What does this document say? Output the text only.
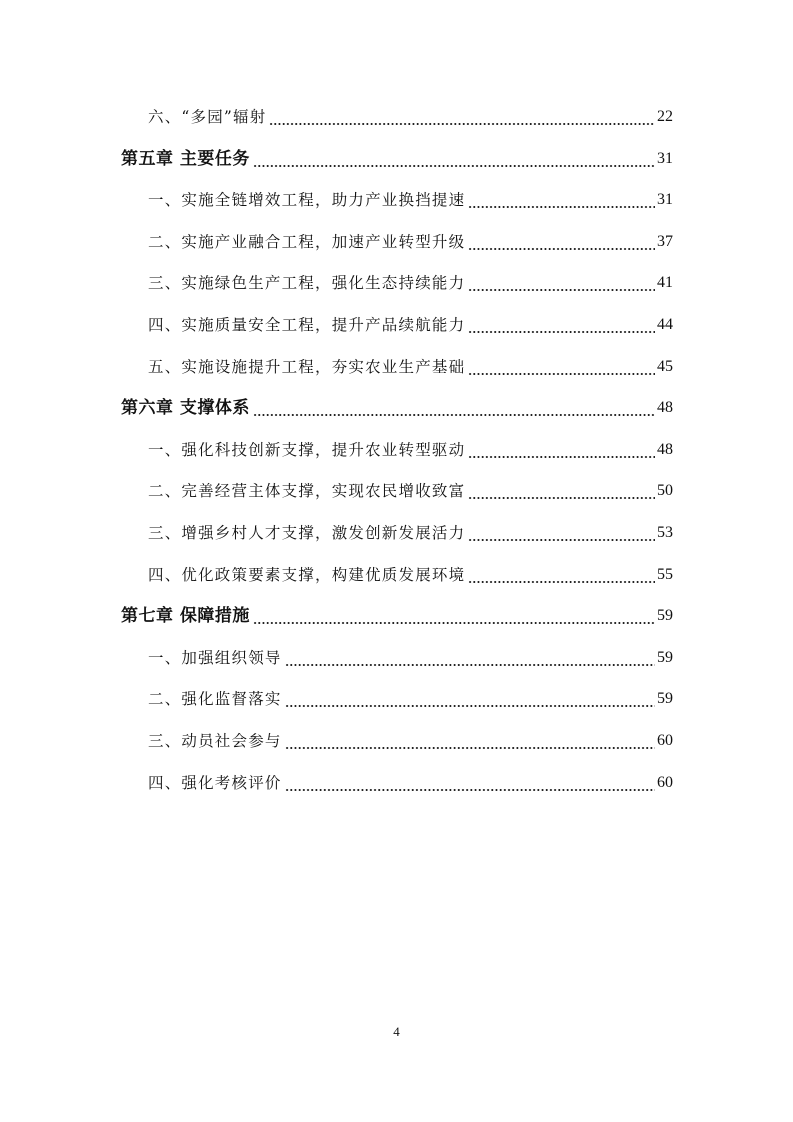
六、“多园”辐射	22
第五章 主要任务	31
一、实施全链增效工程，助力产业换挡提速	31
二、实施产业融合工程，加速产业转型升级	37
三、实施绿色生产工程，强化生态持续能力	41
四、实施质量安全工程，提升产品续航能力	44
五、实施设施提升工程，夯实农业生产基础	45
第六章 支撑体系	48
一、强化科技创新支撑，提升农业转型驱动	48
二、完善经营主体支撑，实现农民增收致富	50
三、增强乡村人才支撑，激发创新发展活力	53
四、优化政策要素支撑，构建优质发展环境	55
第七章 保障措施	59
一、加强组织领导	59
二、强化监督落实	59
三、动员社会参与	60
四、强化考核评价	60
4
